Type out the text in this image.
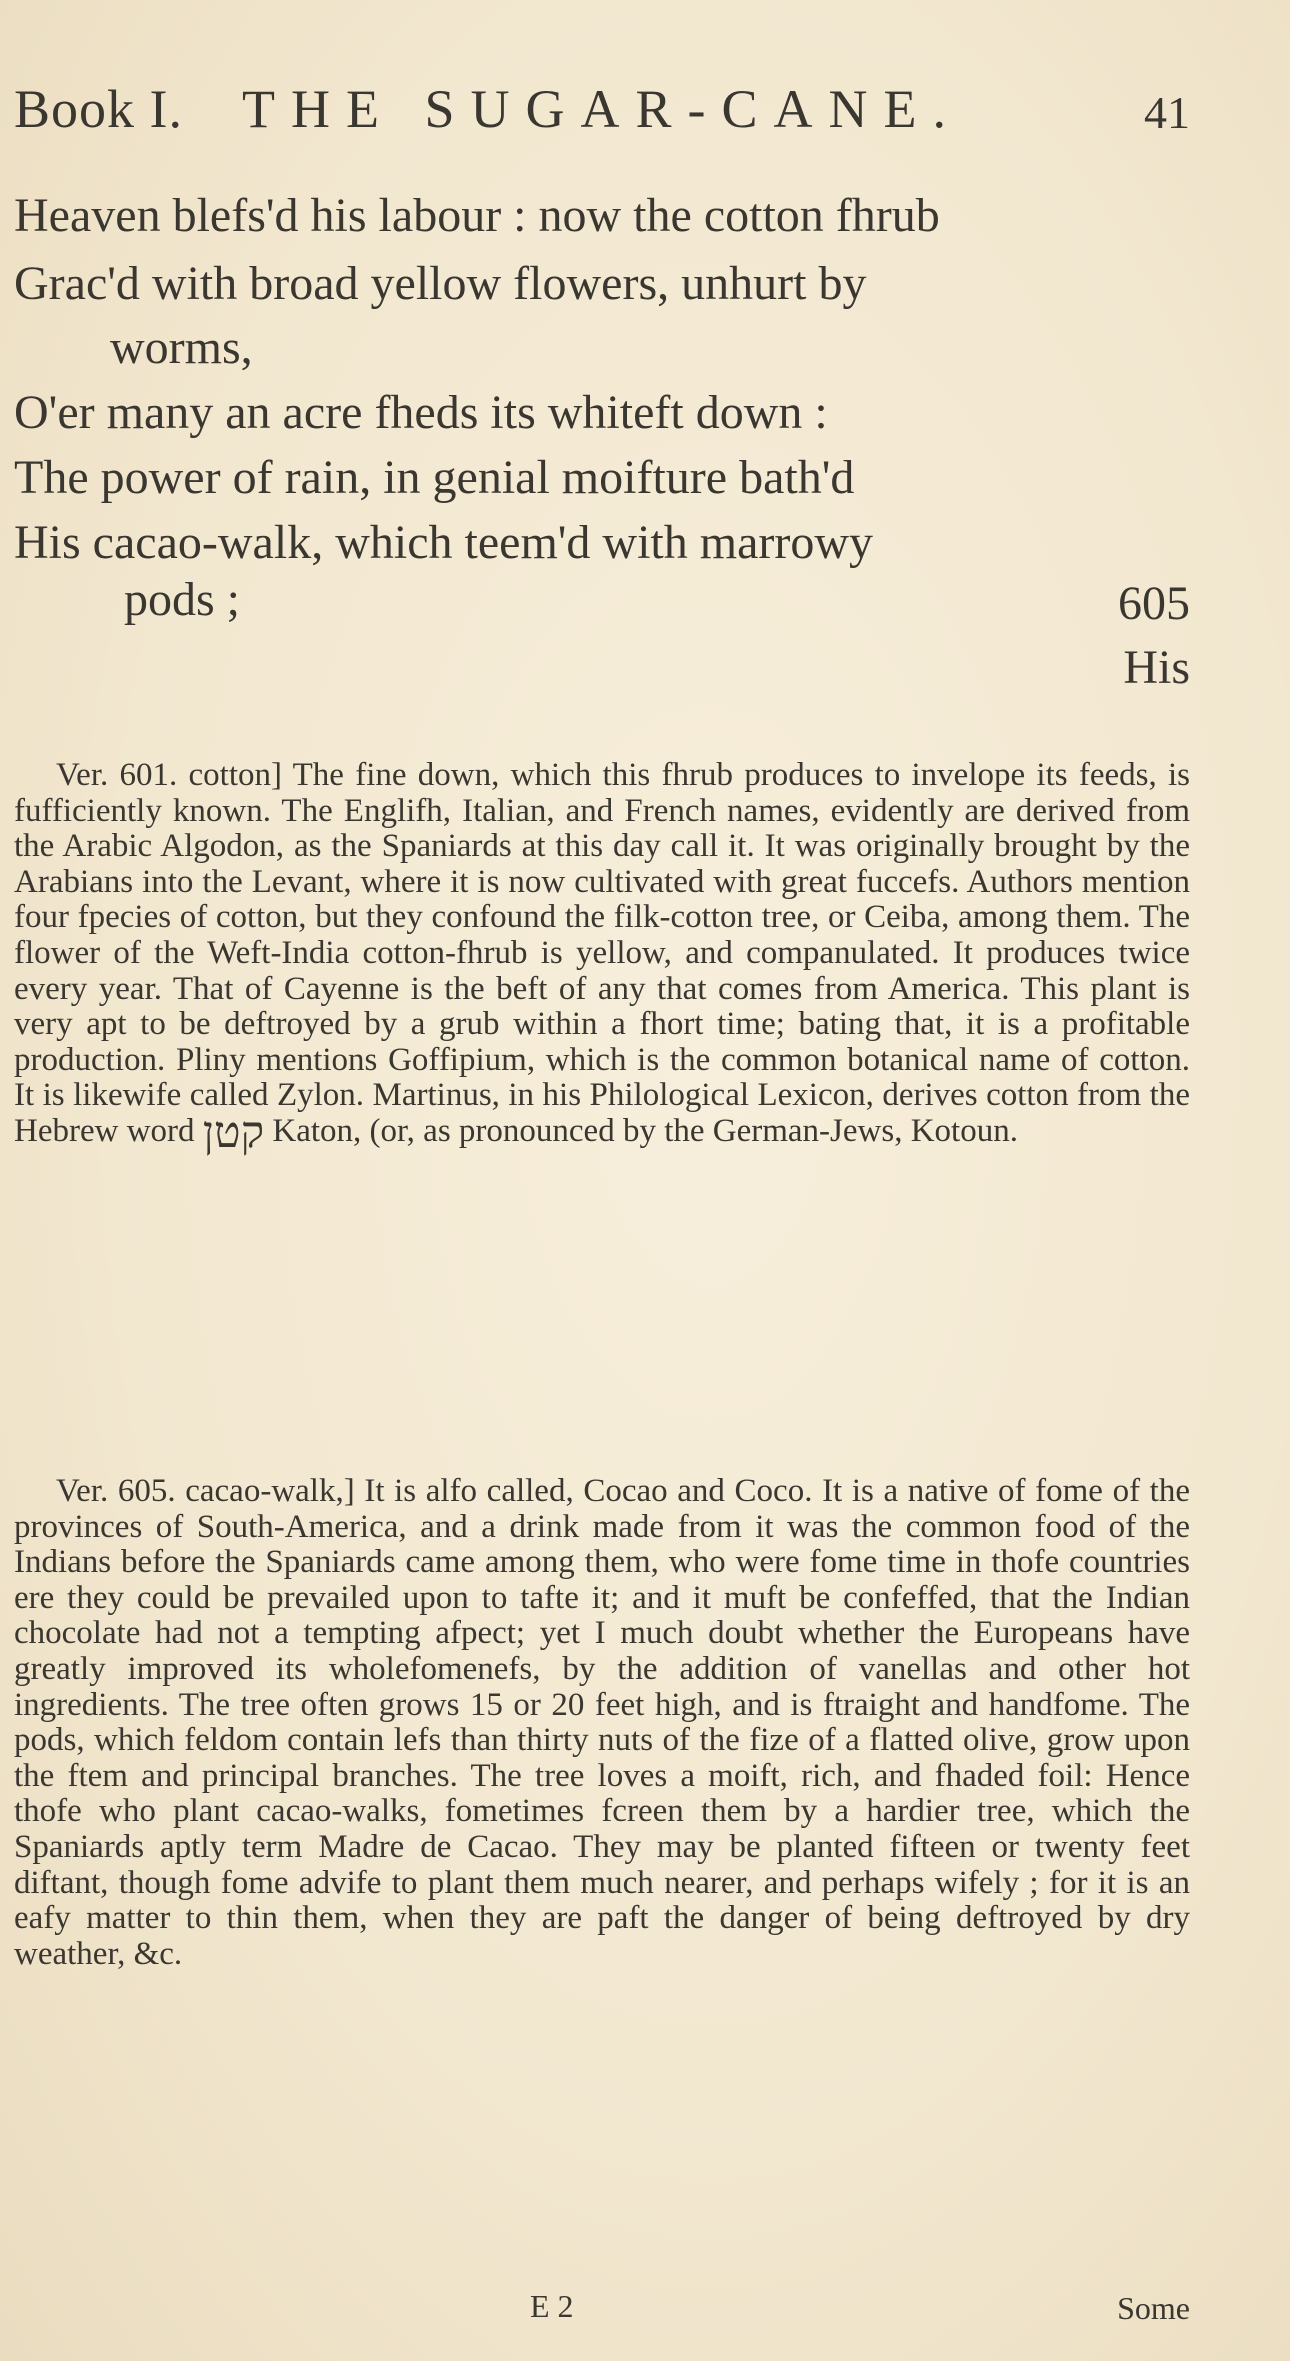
Book I. THE SUGAR-CANE.	41
Heaven blefs'd his labour : now the cotton fhrub
Grac'd with broad yellow flowers, unhurt by
worms,
O'er many an acre fheds its whiteft down :
The power of rain, in genial moifture bath'd
His cacao-walk, which teem'd with marrowy
pods ;	605
His

Ver. 601. cotton] The fine down, which this fhrub produces to invelope its feeds, is fufficiently known. The Englifh, Italian, and French names, evidently are derived from the Arabic Algodon, as the Spaniards at this day call it. It was originally brought by the Arabians into the Levant, where it is now cultivated with great fuccefs. Authors mention four fpecies of cotton, but they confound the filk-cotton tree, or Ceiba, among them. The flower of the Weft-India cotton-fhrub is yellow, and companulated. It produces twice every year. That of Cayenne is the beft of any that comes from America. This plant is very apt to be deftroyed by a grub within a fhort time; bating that, it is a profitable production. Pliny mentions Goffipium, which is the common botanical name of cotton. It is likewife called Zylon. Martinus, in his Philological Lexicon, derives cotton from the Hebrew word קטן Katon, (or, as pronounced by the German-Jews, Kotoun.

Ver. 605. cacao-walk,] It is alfo called, Cocao and Coco. It is a native of fome of the provinces of South-America, and a drink made from it was the common food of the Indians before the Spaniards came among them, who were fome time in thofe countries ere they could be prevailed upon to tafte it; and it muft be confeffed, that the Indian chocolate had not a tempting afpect; yet I much doubt whether the Europeans have greatly improved its wholefomenefs, by the addition of vanellas and other hot ingredients. The tree often grows 15 or 20 feet high, and is ftraight and handfome. The pods, which feldom contain lefs than thirty nuts of the fize of a flatted olive, grow upon the ftem and principal branches. The tree loves a moift, rich, and fhaded foil: Hence thofe who plant cacao-walks, fometimes fcreen them by a hardier tree, which the Spaniards aptly term Madre de Cacao. They may be planted fifteen or twenty feet diftant, though fome advife to plant them much nearer, and perhaps wifely ; for it is an eafy matter to thin them, when they are paft the danger of being deftroyed by dry weather, &c.

E 2	Some
